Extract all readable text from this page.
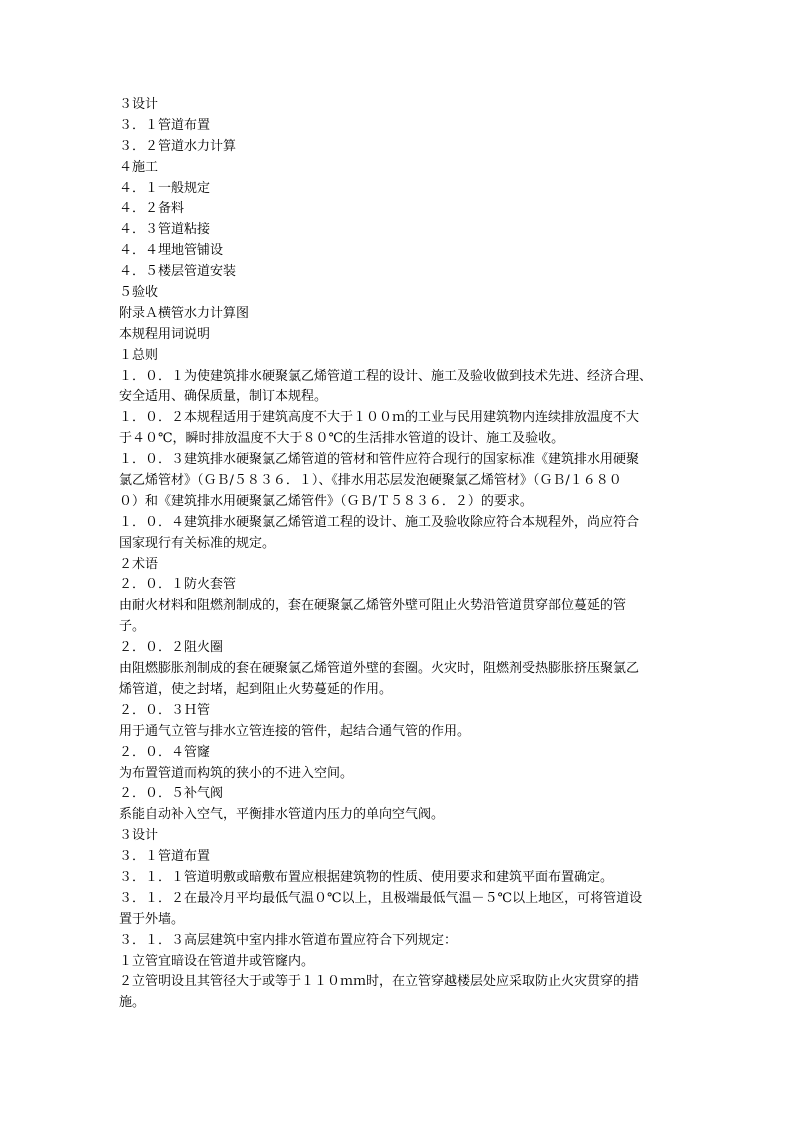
３设计
３．１管道布置
３．２管道水力计算
４施工
４．１一般规定
４．２备料
４．３管道粘接
４．４埋地管铺设
４．５楼层管道安装
５验收
附录Ａ横管水力计算图
本规程用词说明
１总则
１．０．１为使建筑排水硬聚氯乙烯管道工程的设计、施工及验收做到技术先进、经济合理、
安全适用、确保质量，制订本规程。
１．０．２本规程适用于建筑高度不大于１００ｍ的工业与民用建筑物内连续排放温度不大
于４０℃，瞬时排放温度不大于８０℃的生活排水管道的设计、施工及验收。
１．０．３建筑排水硬聚氯乙烯管道的管材和管件应符合现行的国家标准《建筑排水用硬聚
氯乙烯管材》（ＧＢ/５８３６．１）、《排水用芯层发泡硬聚氯乙烯管材》（ＧＢ/１６８０
０）和《建筑排水用硬聚氯乙烯管件》（ＧＢ/Ｔ５８３６．２）的要求。
１．０．４建筑排水硬聚氯乙烯管道工程的设计、施工及验收除应符合本规程外，尚应符合
国家现行有关标准的规定。
２术语
２．０．１防火套管
由耐火材料和阻燃剂制成的，套在硬聚氯乙烯管外壁可阻止火势沿管道贯穿部位蔓延的管
子。
２．０．２阻火圈
由阻燃膨胀剂制成的套在硬聚氯乙烯管道外壁的套圈。火灾时，阻燃剂受热膨胀挤压聚氯乙
烯管道，使之封堵，起到阻止火势蔓延的作用。
２．０．３Ｈ管
用于通气立管与排水立管连接的管件，起结合通气管的作用。
２．０．４管窿
为布置管道而构筑的狭小的不进入空间。
２．０．５补气阀
系能自动补入空气，平衡排水管道内压力的单向空气阀。
３设计
３．１管道布置
３．１．１管道明敷或暗敷布置应根据建筑物的性质、使用要求和建筑平面布置确定。
３．１．２在最冷月平均最低气温０℃以上，且极端最低气温－５℃以上地区，可将管道设
置于外墙。
３．１．３高层建筑中室内排水管道布置应符合下列规定：
１立管宜暗设在管道井或管窿内。
２立管明设且其管径大于或等于１１０ｍｍ时，在立管穿越楼层处应采取防止火灾贯穿的措
施。
